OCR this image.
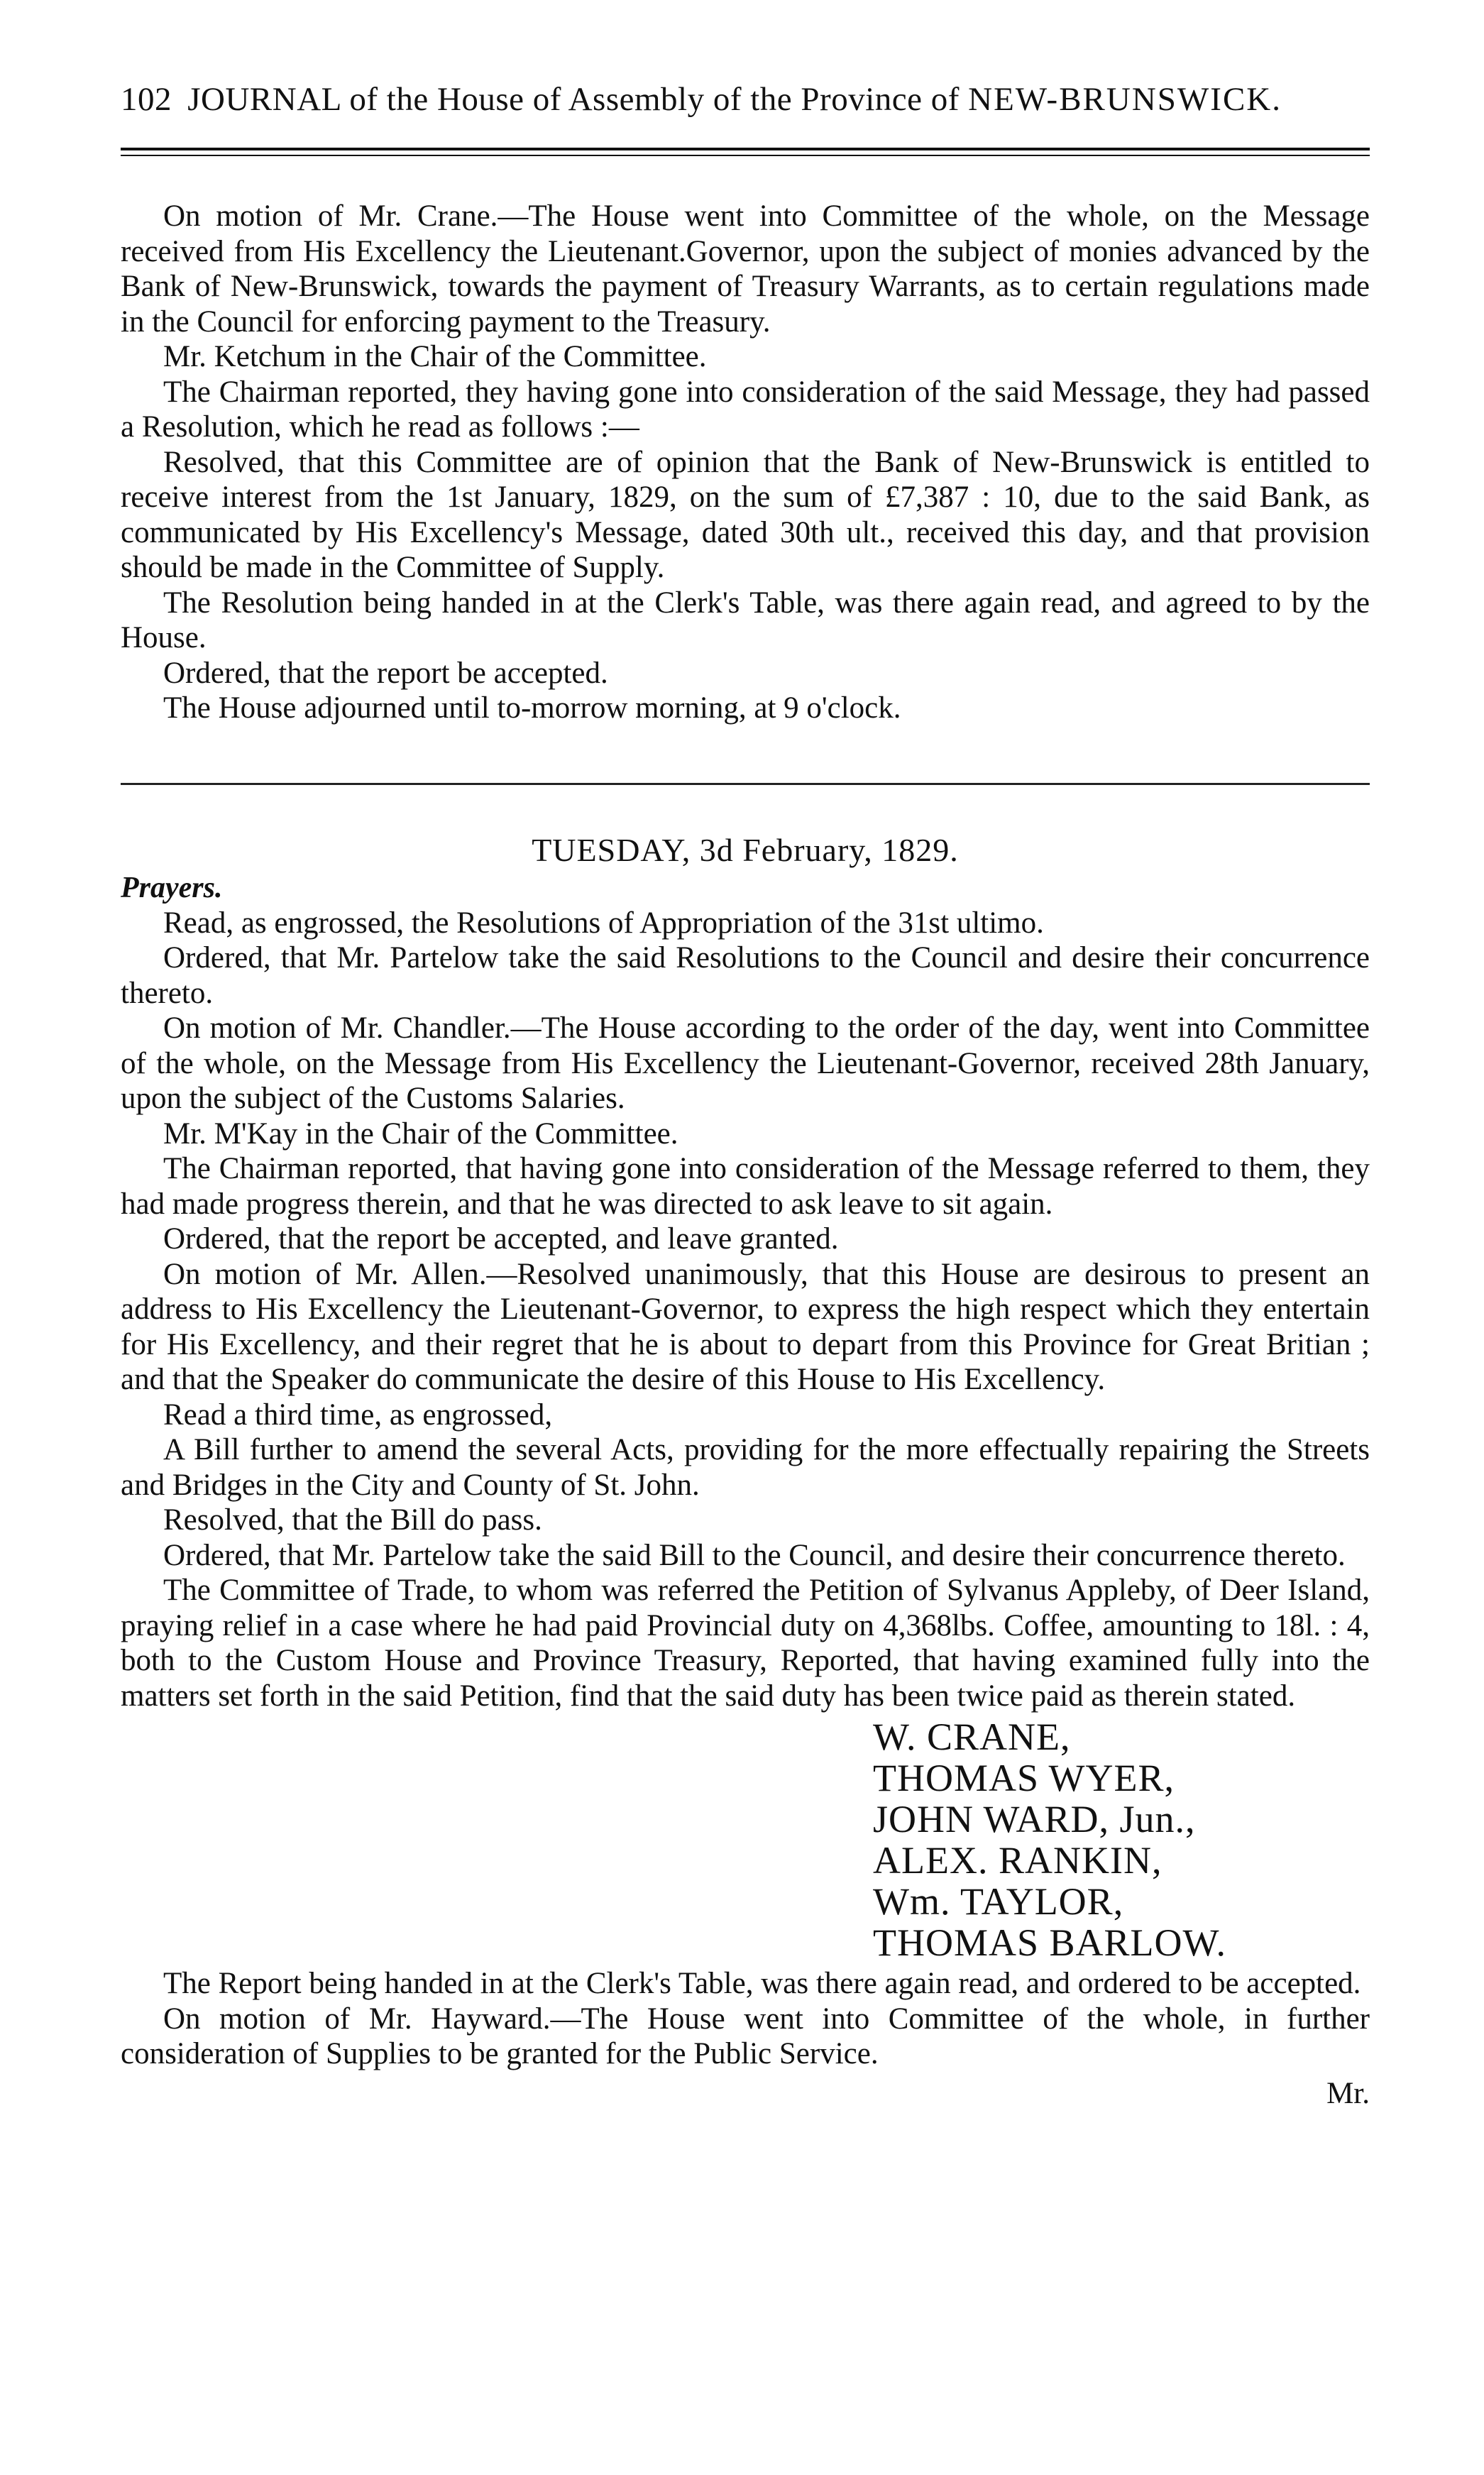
102 JOURNAL of the House of Assembly of the Province of NEW-BRUNSWICK.

On motion of Mr. Crane.—The House went into Committee of the whole, on the Message received from His Excellency the Lieutenant.Governor, upon the subject of monies advanced by the Bank of New-Brunswick, towards the payment of Treasury Warrants, as to certain regulations made in the Council for enforcing payment to the Treasury.

Mr. Ketchum in the Chair of the Committee.

The Chairman reported, they having gone into consideration of the said Message, they had passed a Resolution, which he read as follows :—

Resolved, that this Committee are of opinion that the Bank of New-Brunswick is entitled to receive interest from the 1st January, 1829, on the sum of £7,387 : 10, due to the said Bank, as communicated by His Excellency's Message, dated 30th ult., received this day, and that provision should be made in the Committee of Supply.

The Resolution being handed in at the Clerk's Table, was there again read, and agreed to by the House.

Ordered, that the report be accepted.

The House adjourned until to-morrow morning, at 9 o'clock.

TUESDAY, 3d February, 1829.

Prayers.

Read, as engrossed, the Resolutions of Appropriation of the 31st ultimo.

Ordered, that Mr. Partelow take the said Resolutions to the Council and desire their concurrence thereto.

On motion of Mr. Chandler.—The House according to the order of the day, went into Committee of the whole, on the Message from His Excellency the Lieutenant-Governor, received 28th January, upon the subject of the Customs Salaries.

Mr. M'Kay in the Chair of the Committee.

The Chairman reported, that having gone into consideration of the Message referred to them, they had made progress therein, and that he was directed to ask leave to sit again.

Ordered, that the report be accepted, and leave granted.

On motion of Mr. Allen.—Resolved unanimously, that this House are desirous to present an address to His Excellency the Lieutenant-Governor, to express the high respect which they entertain for His Excellency, and their regret that he is about to depart from this Province for Great Britian ; and that the Speaker do communicate the desire of this House to His Excellency.

Read a third time, as engrossed,

A Bill further to amend the several Acts, providing for the more effectually repairing the Streets and Bridges in the City and County of St. John.

Resolved, that the Bill do pass.

Ordered, that Mr. Partelow take the said Bill to the Council, and desire their concurrence thereto.

The Committee of Trade, to whom was referred the Petition of Sylvanus Appleby, of Deer Island, praying relief in a case where he had paid Provincial duty on 4,368lbs. Coffee, amounting to 18l. : 4, both to the Custom House and Province Treasury, Reported, that having examined fully into the matters set forth in the said Petition, find that the said duty has been twice paid as therein stated.

W. CRANE,
THOMAS WYER,
JOHN WARD, Jun.,
ALEX. RANKIN,
Wm. TAYLOR,
THOMAS BARLOW.

The Report being handed in at the Clerk's Table, was there again read, and ordered to be accepted.

On motion of Mr. Hayward.—The House went into Committee of the whole, in further consideration of Supplies to be granted for the Public Service.

Mr.
